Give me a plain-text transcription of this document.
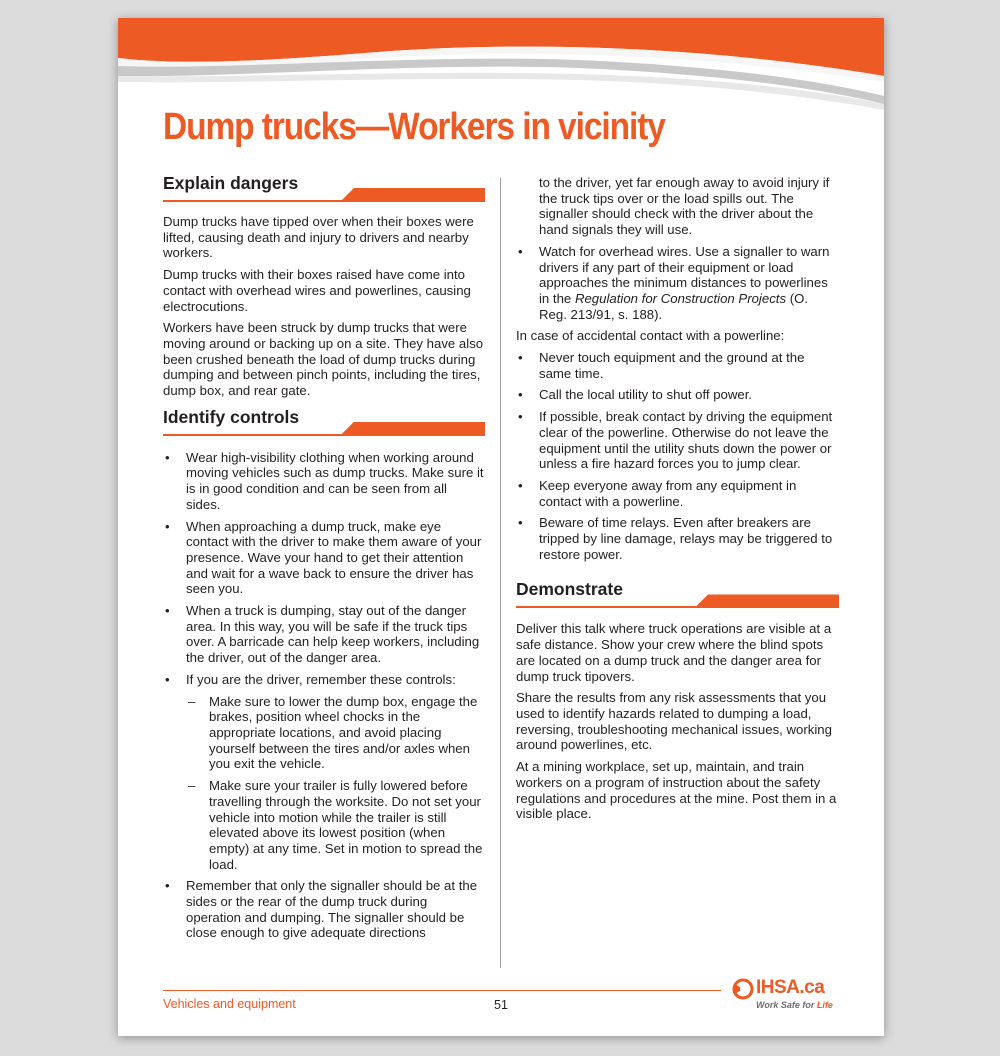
Dump trucks—Workers in vicinity
Explain dangers

Dump trucks have tipped over when their boxes were lifted, causing death and injury to drivers and nearby workers.

Dump trucks with their boxes raised have come into contact with overhead wires and powerlines, causing electrocutions.

Workers have been struck by dump trucks that were moving around or backing up on a site. They have also been crushed beneath the load of dump trucks during dumping and between pinch points, including the tires, dump box, and rear gate.

Identify controls
• Wear high-visibility clothing when working around moving vehicles such as dump trucks. Make sure it is in good condition and can be seen from all sides.
• When approaching a dump truck, make eye contact with the driver to make them aware of your presence. Wave your hand to get their attention and wait for a wave back to ensure the driver has seen you.
• When a truck is dumping, stay out of the danger area. In this way, you will be safe if the truck tips over. A barricade can help keep workers, including the driver, out of the danger area.
• If you are the driver, remember these controls:
– Make sure to lower the dump box, engage the brakes, position wheel chocks in the appropriate locations, and avoid placing yourself between the tires and/or axles when you exit the vehicle.
– Make sure your trailer is fully lowered before travelling through the worksite. Do not set your vehicle into motion while the trailer is still elevated above its lowest position (when empty) at any time. Set in motion to spread the load.
• Remember that only the signaller should be at the sides or the rear of the dump truck during operation and dumping. The signaller should be close enough to give adequate directions

to the driver, yet far enough away to avoid injury if the truck tips over or the load spills out. The signaller should check with the driver about the hand signals they will use.

• Watch for overhead wires. Use a signaller to warn drivers if any part of their equipment or load approaches the minimum distances to powerlines in the Regulation for Construction Projects (O. Reg. 213/91, s. 188).

In case of accidental contact with a powerline:

• Never touch equipment and the ground at the same time.
• Call the local utility to shut off power.
• If possible, break contact by driving the equipment clear of the powerline. Otherwise do not leave the equipment until the utility shuts down the power or unless a fire hazard forces you to jump clear.
• Keep everyone away from any equipment in contact with a powerline.
• Beware of time relays. Even after breakers are tripped by line damage, relays may be triggered to restore power.
Demonstrate

Deliver this talk where truck operations are visible at a safe distance. Show your crew where the blind spots are located on a dump truck and the danger area for dump truck tipovers.

Share the results from any risk assessments that you used to identify hazards related to dumping a load, reversing, troubleshooting mechanical issues, working around powerlines, etc.

At a mining workplace, set up, maintain, and train workers on a program of instruction about the safety regulations and procedures at the mine. Post them in a visible place.

Vehicles and equipment	51
IHSA.ca
Work Safe for Life
